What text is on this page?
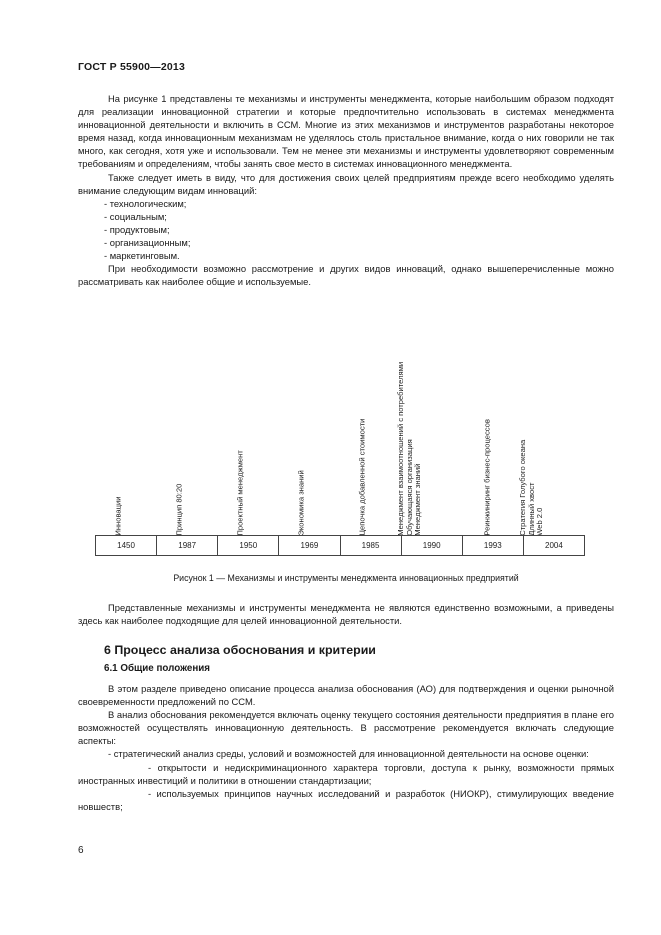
ГОСТ Р 55900—2013

На рисунке 1 представлены те механизмы и инструменты менеджмента, которые наибольшим образом подходят для реализации инновационной стратегии и которые предпочтительно использовать в системах менеджмента инновационной деятельности и включить в ССМ. Многие из этих механизмов и инструментов разработаны некоторое время назад, когда инновационным механизмам не уделялось столь пристальное внимание, когда о них говорили не так много, как сегодня, хотя уже и использовали. Тем не менее эти механизмы и инструменты удовлетворяют современным требованиям и определениям, чтобы занять свое место в системах инновационного менеджмента.

Также следует иметь в виду, что для достижения своих целей предприятиям прежде всего необходимо уделять внимание следующим видам инноваций:

- технологическим;
- социальным;
- продуктовым;
- организационным;
- маркетинговым.

При необходимости возможно рассмотрение и других видов инноваций, однако вышеперечисленные можно рассматривать как наиболее общие и используемые.

Инновации	Принцип 80:20	Проектный менеджмент	Экономика знаний	Цепочка добавленной стоимости	Менеджмент взаимоотношений с потребителями Обучающаяся организация Менеджмент знаний	Реинжиниринг бизнес-процессов	Стратегия Голубого океана Длинный хвост Web 2.0
1450	1987	1950	1969	1985	1990	1993	2004
Рисунок 1 — Механизмы и инструменты менеджмента инновационных предприятий

Представленные механизмы и инструменты менеджмента не являются единственно возможными, а приведены здесь как наиболее подходящие для целей инновационной деятельности.

6 Процесс анализа обоснования и критерии
6.1 Общие положения

В этом разделе приведено описание процесса анализа обоснования (АО) для подтверждения и оценки рыночной своевременности предложений по ССМ.

В анализ обоснования рекомендуется включать оценку текущего состояния деятельности предприятия в плане его возможностей осуществлять инновационную деятельность. В рассмотрение рекомендуется включать следующие аспекты:

- стратегический анализ среды, условий и возможностей для инновационной деятельности на основе оценки:

- открытости и недискриминационного характера торговли, доступа к рынку, возможности прямых иностранных инвестиций и политики в отношении стандартизации;

- используемых принципов научных исследований и разработок (НИОКР), стимулирующих введение новшеств;

6
